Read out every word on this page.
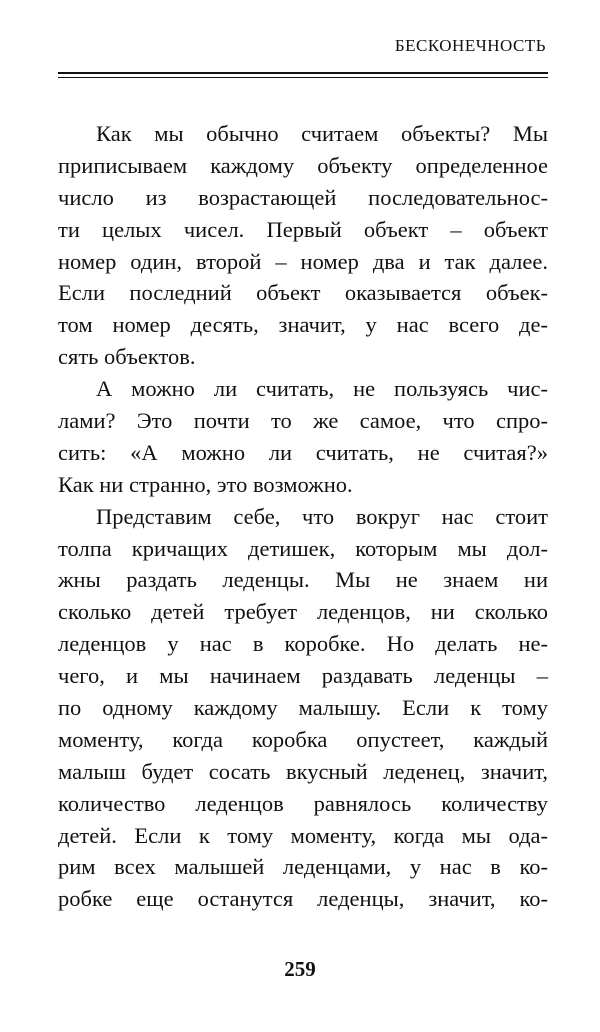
БЕСКОНЕЧНОСТЬ
Как мы обычно считаем объекты? Мы
приписываем каждому объекту определенное
число из возрастающей последовательнос-
ти целых чисел. Первый объект – объект
номер один, второй – номер два и так далее.
Если последний объект оказывается объек-
том номер десять, значит, у нас всего де-
сять объектов.
А можно ли считать, не пользуясь чис-
лами? Это почти то же самое, что спро-
сить: «А можно ли считать, не считая?»
Как ни странно, это возможно.
Представим себе, что вокруг нас стоит
толпа кричащих детишек, которым мы дол-
жны раздать леденцы. Мы не знаем ни
сколько детей требует леденцов, ни сколько
леденцов у нас в коробке. Но делать не-
чего, и мы начинаем раздавать леденцы –
по одному каждому малышу. Если к тому
моменту, когда коробка опустеет, каждый
малыш будет сосать вкусный леденец, значит,
количество леденцов равнялось количеству
детей. Если к тому моменту, когда мы ода-
рим всех малышей леденцами, у нас в ко-
робке еще останутся леденцы, значит, ко-
259
